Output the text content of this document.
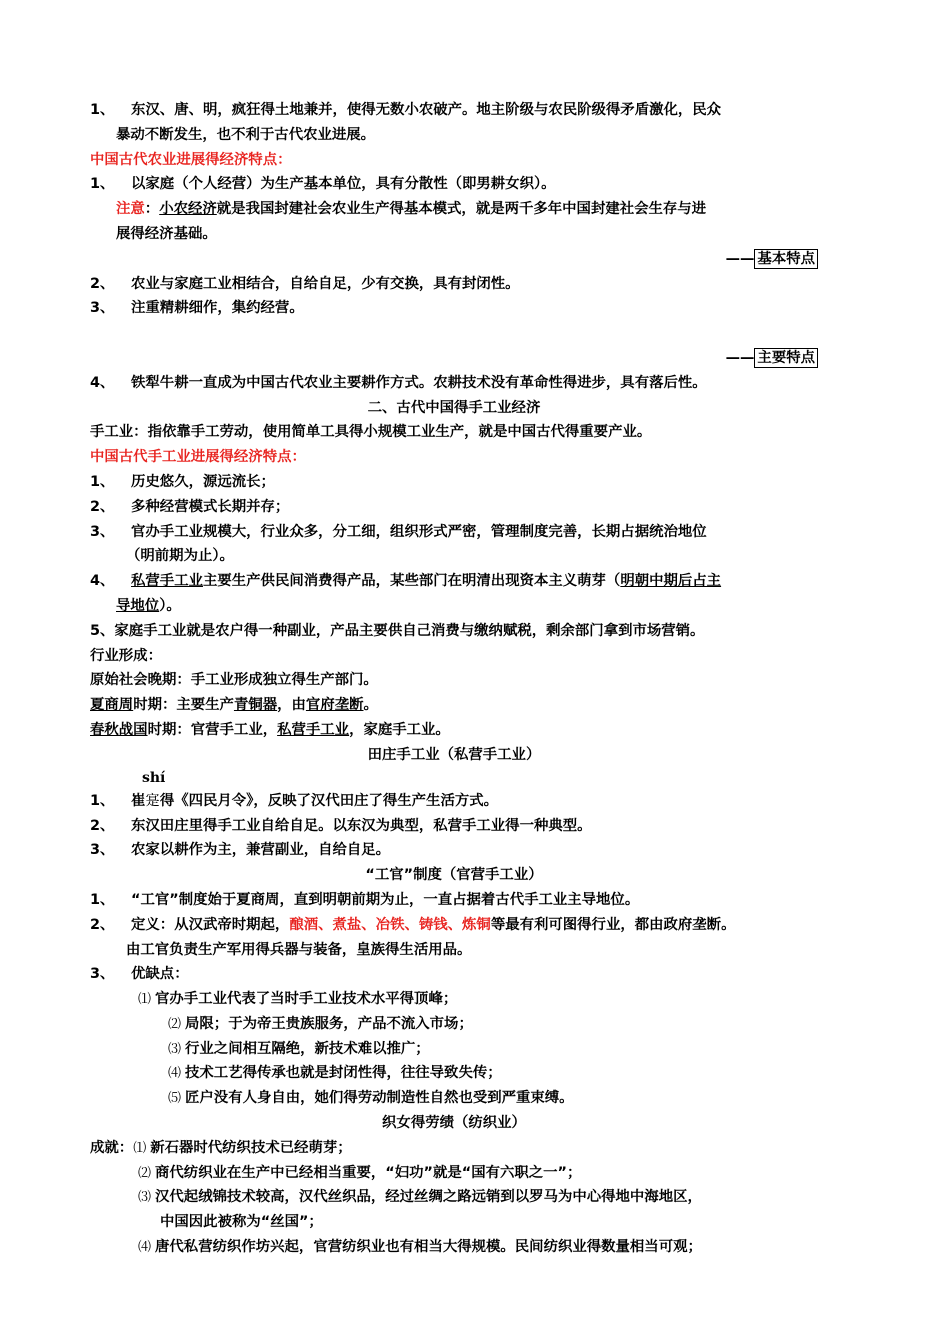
1、 东汉、唐、明，疯狂得土地兼并，使得无数小农破产。地主阶级与农民阶级得矛盾激化，民众
暴动不断发生，也不利于古代农业进展。
中国古代农业进展得经济特点：
1、 以家庭（个人经营）为生产基本单位，具有分散性（即男耕女织）。
注意：小农经济就是我国封建社会农业生产得基本模式，就是两千多年中国封建社会生存与进
展得经济基础。
—— 基本特点
2、 农业与家庭工业相结合，自给自足，少有交换，具有封闭性。
3、 注重精耕细作，集约经营。
—— 主要特点
4、 铁犁牛耕一直成为中国古代农业主要耕作方式。农耕技术没有革命性得进步，具有落后性。
二、古代中国得手工业经济
手工业：指依靠手工劳动，使用简单工具得小规模工业生产，就是中国古代得重要产业。
中国古代手工业进展得经济特点：
1、 历史悠久，源远流长；
2、 多种经营模式长期并存；
3、 官办手工业规模大，行业众多，分工细，组织形式严密，管理制度完善，长期占据统治地位
（明前期为止）。
4、 私营手工业主要生产供民间消费得产品，某些部门在明清出现资本主义萌芽（明朝中期后占主
导地位）。
5、家庭手工业就是农户得一种副业，产品主要供自己消费与缴纳赋税，剩余部门拿到市场营销。
行业形成：
原始社会晚期：手工业形成独立得生产部门。
夏商周时期：主要生产青铜器，由官府垄断。
春秋战国时期：官营手工业，私营手工业，家庭手工业。
田庄手工业（私营手工业）
shí
1、 崔寔得《四民月令》，反映了汉代田庄了得生产生活方式。
2、 东汉田庄里得手工业自给自足。以东汉为典型，私营手工业得一种典型。
3、 农家以耕作为主，兼营副业，自给自足。
“工官”制度（官营手工业）
1、 “工官”制度始于夏商周，直到明朝前期为止，一直占据着古代手工业主导地位。
2、 定义：从汉武帝时期起，酿酒、煮盐、冶铁、铸钱、炼铜等最有利可图得行业，都由政府垄断。
由工官负责生产军用得兵器与装备，皇族得生活用品。
3、 优缺点：
⑴ 官办手工业代表了当时手工业技术水平得顶峰；
⑵ 局限；于为帝王贵族服务，产品不流入市场；
⑶ 行业之间相互隔绝，新技术难以推广；
⑷ 技术工艺得传承也就是封闭性得，往往导致失传；
⑸ 匠户没有人身自由，她们得劳动制造性自然也受到严重束缚。
织女得劳绩（纺织业）
成就：⑴ 新石器时代纺织技术已经萌芽；
⑵ 商代纺织业在生产中已经相当重要，“妇功”就是“国有六职之一”；
⑶ 汉代起绒锦技术较高，汉代丝织品，经过丝绸之路远销到以罗马为中心得地中海地区，
中国因此被称为“丝国”；
⑷ 唐代私营纺织作坊兴起，官营纺织业也有相当大得规模。民间纺织业得数量相当可观；
